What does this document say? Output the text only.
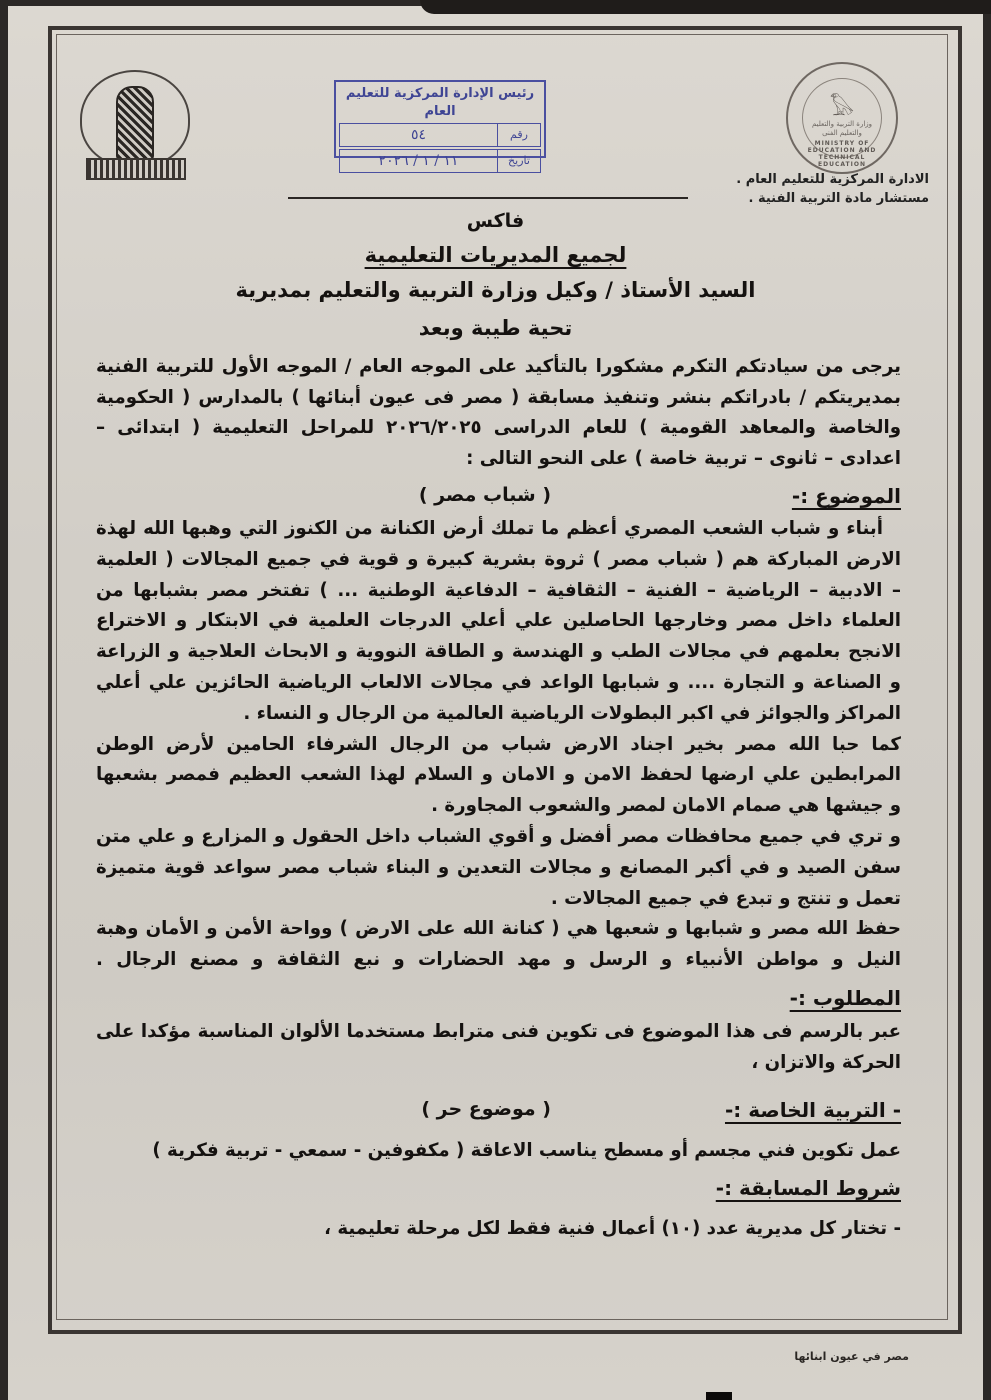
𓅃
وزارة التربية والتعليم والتعليم الفنى
MINISTRY OF EDUCATION AND TECHNICAL EDUCATION
الادارة المركزية للتعليم العام .
مستشار مادة التربية الفنية .
رئيس الإدارة المركزية للتعليم العام
رقم
٥٤
تاريخ
١١ / ١ / ٢٠٢٦
فاكس
لجميع المديريات التعليمية
السيد الأستاذ / وكيل وزارة التربية والتعليم بمديرية
تحية طيبة وبعد
يرجى من سيادتكم التكرم مشكورا بالتأكيد على الموجه العام / الموجه الأول للتربية الفنية بمديريتكم / بادراتكم بنشر وتنفيذ مسابقة ( مصر فى عيون أبنائها ) بالمدارس ( الحكومية والخاصة والمعاهد القومية ) للعام الدراسى ٢٠٢٦/٢٠٢٥ للمراحل التعليمية ( ابتدائى – اعدادى – ثانوى – تربية خاصة ) على النحو التالى :
الموضوع :-
( شباب مصر )
أبناء و شباب الشعب المصري أعظم ما تملك أرض الكنانة من الكنوز التي وهبها الله لهذة
الارض المباركة هم ( شباب مصر ) ثروة بشرية كبيرة و قوية في جميع المجالات ( العلمية
– الادبية – الرياضية – الفنية – الثقافية – الدفاعية الوطنية ... ) تفتخر مصر بشبابها من
العلماء داخل مصر وخارجها الحاصلين علي أعلي الدرجات العلمية في الابتكار و الاختراع
الانجح بعلمهم في مجالات الطب و الهندسة و الطاقة النووية و الابحاث العلاجية و الزراعة
و الصناعة و التجارة .... و شبابها الواعد في مجالات الالعاب الرياضية الحائزين علي أعلي
المراكز والجوائز في اكبر البطولات الرياضية العالمية من الرجال و النساء .
كما حبا الله مصر بخير اجناد الارض شباب من الرجال الشرفاء الحامين لأرض الوطن
المرابطين علي ارضها لحفظ الامن و الامان و السلام لهذا الشعب العظيم فمصر بشعبها
و جيشها هي صمام الامان لمصر والشعوب المجاورة .
و تري في جميع محافظات مصر أفضل و أقوي الشباب داخل الحقول و المزارع و علي متن
سفن الصيد و في أكبر المصانع و مجالات التعدين و البناء شباب مصر سواعد قوية متميزة
تعمل و تنتج و تبدع في جميع المجالات .
حفظ الله مصر و شبابها و شعبها هي ( كنانة الله على الارض ) وواحة الأمن و الأمان وهبة
النيل و مواطن الأنبياء و الرسل و مهد الحضارات و نبع الثقافة و مصنع الرجال .
المطلوب :-
عبر بالرسم فى هذا الموضوع فى تكوين فنى مترابط مستخدما الألوان المناسبة مؤكدا على الحركة والاتزان ،
- التربية الخاصة :-
( موضوع حر )
عمل تكوين فني مجسم أو مسطح يناسب الاعاقة ( مكفوفين - سمعي - تربية فكرية )
شروط المسابقة :-
- تختار كل مديرية عدد (١٠) أعمال فنية فقط لكل مرحلة تعليمية ،
مصر في عيون ابنائها
